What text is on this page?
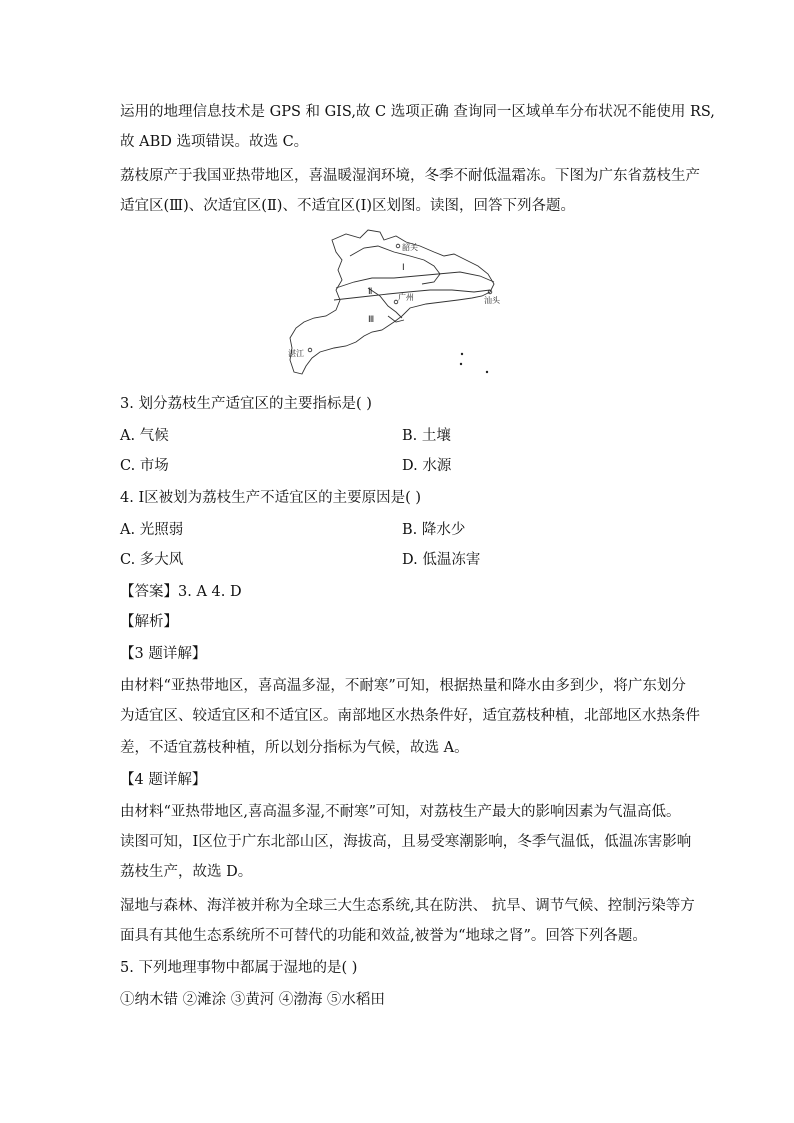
运用的地理信息技术是 GPS 和 GIS,故 C 选项正确 查询同一区域单车分布状况不能使用 RS,
故 ABD 选项错误。故选 C。
荔枝原产于我国亚热带地区，喜温暖湿润环境，冬季不耐低温霜冻。下图为广东省荔枝生产
适宜区(Ⅲ)、次适宜区(Ⅱ)、不适宜区(Ⅰ)区划图。读图，回答下列各题。
韶关
广州	汕头
湛江
Ⅰ
Ⅱ
Ⅲ
3. 划分荔枝生产适宜区的主要指标是( )
A. 气候	B. 土壤
C. 市场	D. 水源
4. Ⅰ区被划为荔枝生产不适宜区的主要原因是( )
A. 光照弱	B. 降水少
C. 多大风	D. 低温冻害
【答案】3. A 4. D
【解析】
【3 题详解】
由材料“亚热带地区，喜高温多湿，不耐寒”可知，根据热量和降水由多到少，将广东划分
为适宜区、较适宜区和不适宜区。南部地区水热条件好，适宜荔枝种植，北部地区水热条件
差，不适宜荔枝种植，所以划分指标为气候，故选 A。
【4 题详解】
由材料“亚热带地区,喜高温多湿,不耐寒”可知，对荔枝生产最大的影响因素为气温高低。
读图可知，Ⅰ区位于广东北部山区，海拔高，且易受寒潮影响，冬季气温低，低温冻害影响
荔枝生产，故选 D。
湿地与森林、海洋被并称为全球三大生态系统,其在防洪、 抗旱、调节气候、控制污染等方
面具有其他生态系统所不可替代的功能和效益,被誉为“地球之肾”。回答下列各题。
5. 下列地理事物中都属于湿地的是( )
①纳木错 ②滩涂 ③黄河 ④渤海 ⑤水稻田
